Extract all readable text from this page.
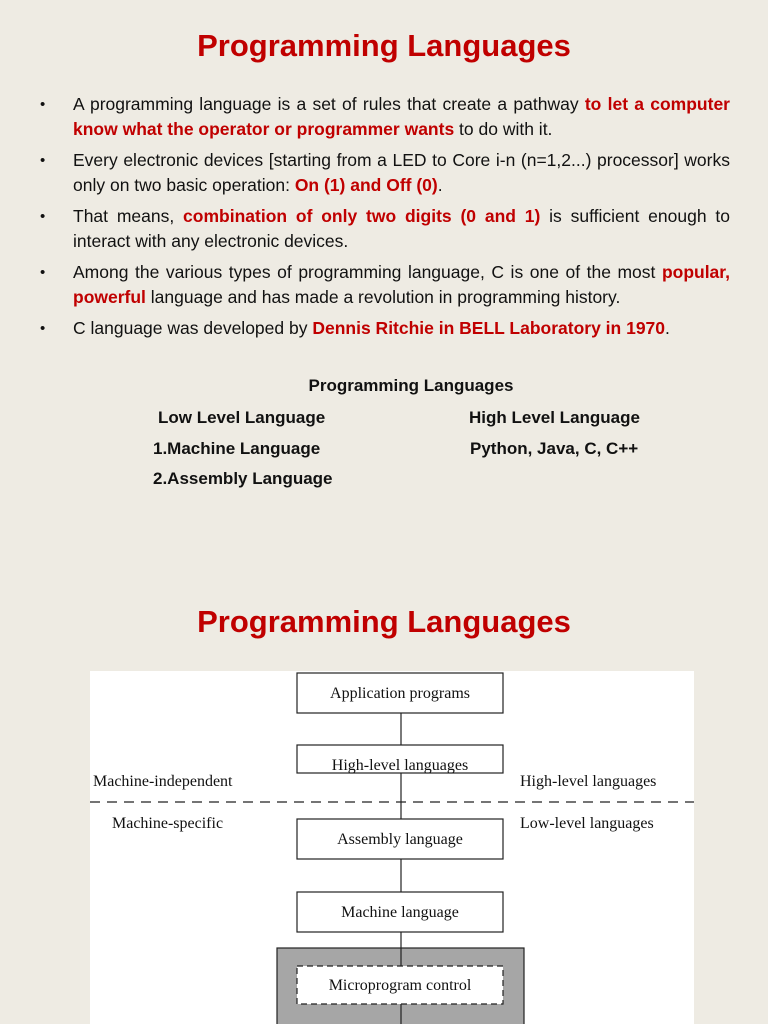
Programming Languages
• A programming language is a set of rules that create a pathway to let a computer know what the operator or programmer wants to do with it.
• Every electronic devices [starting from a LED to Core i-n (n=1,2...) processor] works only on two basic operation: On (1) and Off (0).
• That means, combination of only two digits (0 and 1) is sufficient enough to interact with any electronic devices.
• Among the various types of programming language, C is one of the most popular, powerful language and has made a revolution in programming history.
• C language was developed by Dennis Ritchie in BELL Laboratory in 1970.
Programming Languages
Low Level Language	High Level Language
1.Machine Language
2.Assembly Language
Python, Java, C, C++
Programming Languages
Application programs
High-level languages
Assembly language
Machine language
Microprogram control
Machine-independent
Machine-specific
High-level languages
Low-level languages
